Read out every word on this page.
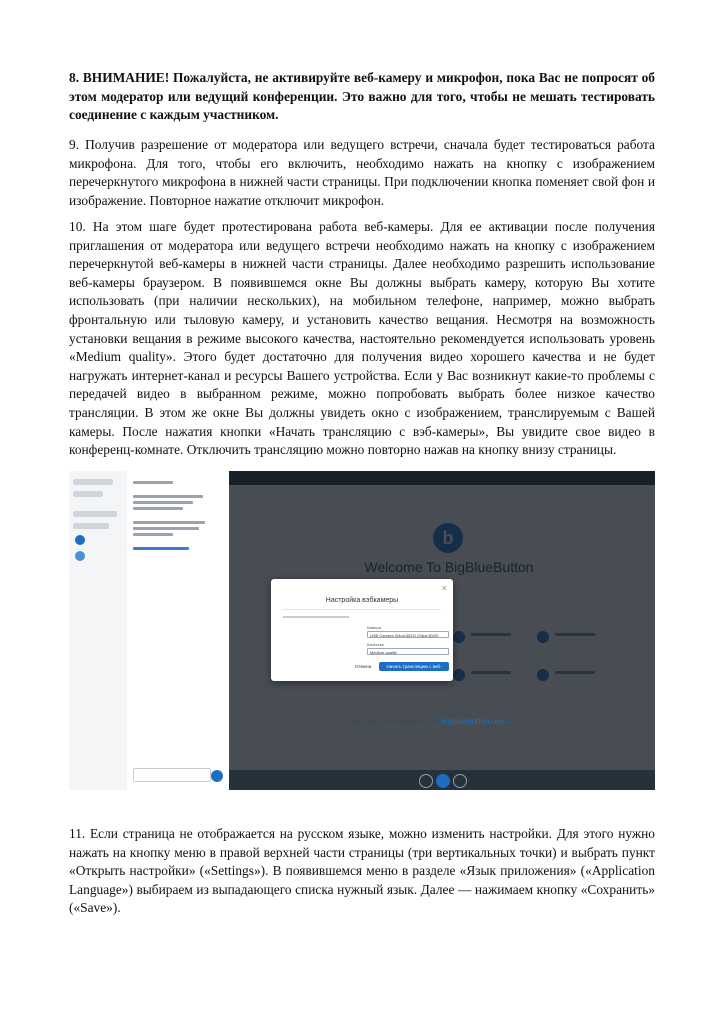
8. ВНИМАНИЕ! Пожалуйста, не активируйте веб-камеру и микрофон, пока Вас не попросят об этом модератор или ведущий конференции. Это важно для того, чтобы не мешать тестировать соединение с каждым участником.

9. Получив разрешение от модератора или ведущего встречи, сначала будет тестироваться работа микрофона. Для того, чтобы его включить, необходимо нажать на кнопку с изображением перечеркнутого микрофона в нижней части страницы. При подключении кнопка поменяет свой фон и изображение. Повторное нажатие отключит микрофон.

10. На этом шаге будет протестирована работа веб-камеры. Для ее активации после получения приглашения от модератора или ведущего встречи необходимо нажать на кнопку с изображением перечеркнутой веб-камеры в нижней части страницы. Далее необходимо разрешить использование веб-камеры браузером. В появившемся окне Вы должны выбрать камеру, которую Вы хотите использовать (при наличии нескольких), на мобильном телефоне, например, можно выбрать фронтальную или тыловую камеру, и установить качество вещания. Несмотря на возможность установки вещания в режиме высокого качества, настоятельно рекомендуется использовать уровень «Medium quality». Этого будет достаточно для получения видео хорошего качества и не будет нагружать интернет-канал и ресурсы Вашего устройства. Если у Вас возникнут какие-то проблемы с передачей видео в выбранном режиме, можно попробовать выбрать более низкое качество трансляции. В этом же окне Вы должны увидеть окно с изображением, транслируемым с Вашей камеры. После нажатия кнопки «Начать трансляцию с вэб-камеры», Вы увидите свое видео в конференц-комнате. Отключить трансляцию можно повторно нажав на кнопку внизу страницы.

For more information visit bigbluebutton.org →
×
Настройка вэбкамеры
Камера
USB Camera (04ca:3022) (04ca:3022)
Качество
Medium quality
Отмена	Начать трансляцию с веб-камеры

11. Если страница не отображается на русском языке, можно изменить настройки. Для этого нужно нажать на кнопку меню в правой верхней части страницы (три вертикальных точки) и выбрать пункт «Открыть настройки» («Settings»). В появившемся меню в разделе «Язык приложения» («Application Language») выбираем из выпадающего списка нужный язык. Далее — нажимаем кнопку «Сохранить» («Save»).
